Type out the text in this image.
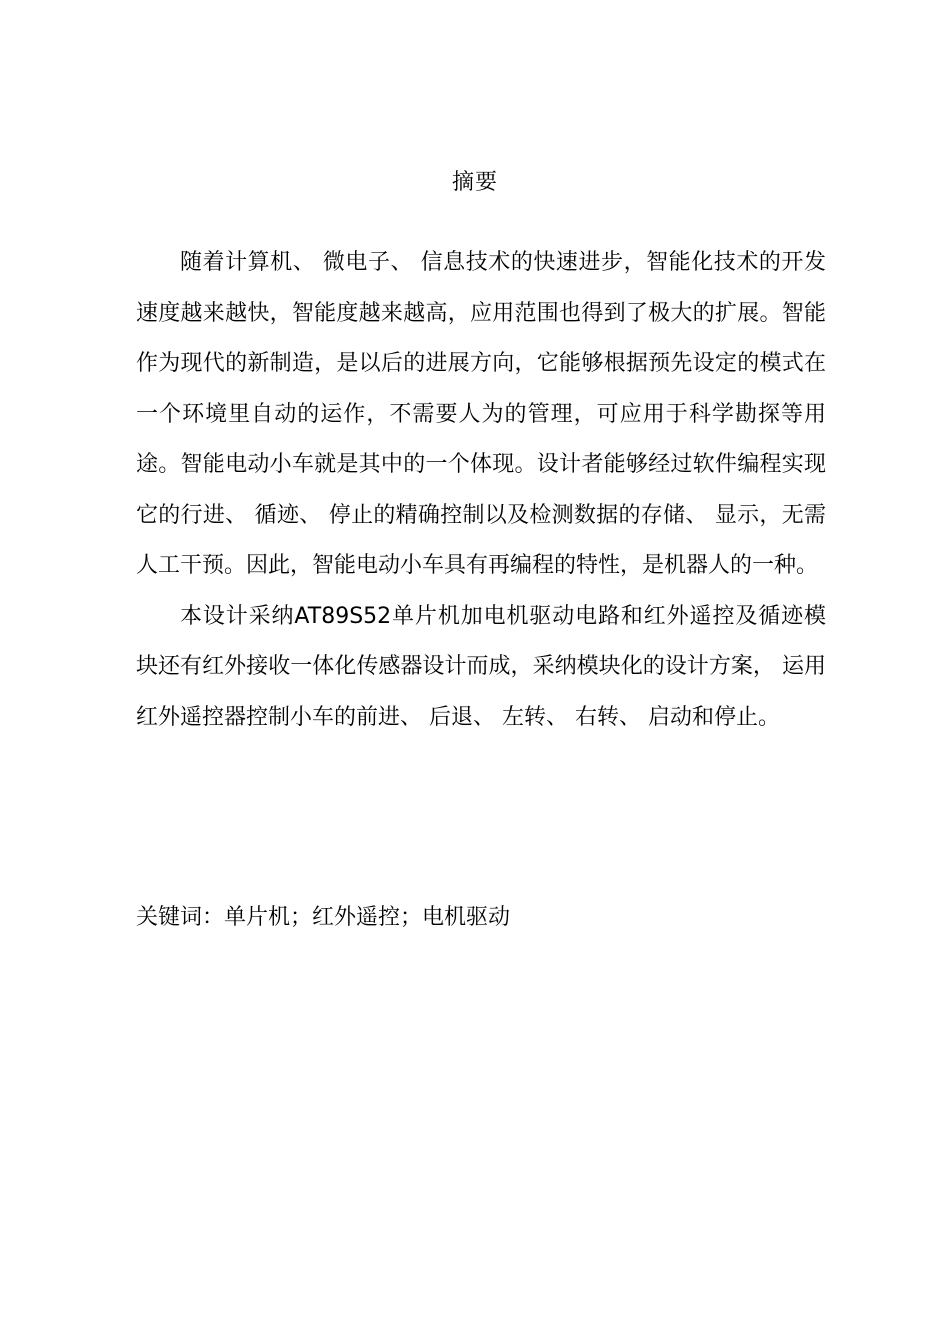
摘要

随着计算机、 微电子、 信息技术的快速进步，智能化技术的开发速度越来越快，智能度越来越高，应用范围也得到了极大的扩展。智能作为现代的新制造，是以后的进展方向，它能够根据预先设定的模式在一个环境里自动的运作，不需要人为的管理，可应用于科学勘探等用途。智能电动小车就是其中的一个体现。设计者能够经过软件编程实现它的行进、 循迹、 停止的精确控制以及检测数据的存储、 显示，无需人工干预。因此，智能电动小车具有再编程的特性，是机器人的一种。

本设计采纳AT89S52单片机加电机驱动电路和红外遥控及循迹模块还有红外接收一体化传感器设计而成，采纳模块化的设计方案， 运用红外遥控器控制小车的前进、 后退、 左转、 右转、 启动和停止。

关键词：单片机；红外遥控；电机驱动
